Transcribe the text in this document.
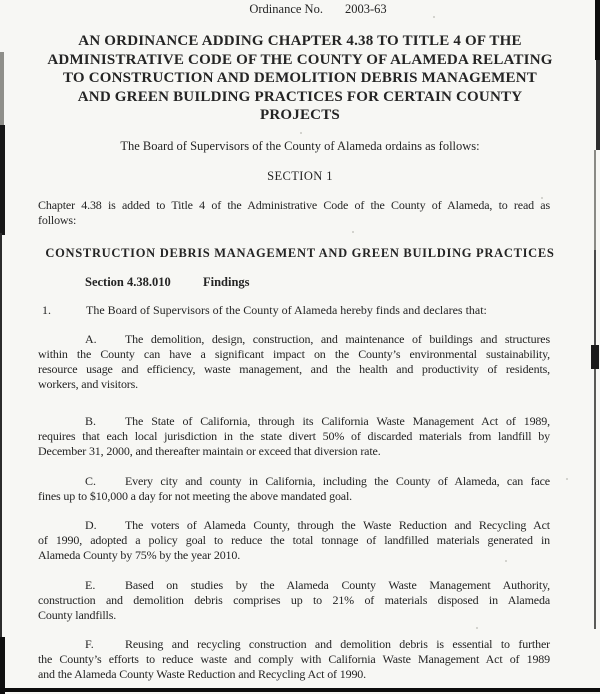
Ordinance No. 2003-63
AN ORDINANCE ADDING CHAPTER 4.38 TO TITLE 4 OF THE
ADMINISTRATIVE CODE OF THE COUNTY OF ALAMEDA RELATING
TO CONSTRUCTION AND DEMOLITION DEBRIS MANAGEMENT
AND GREEN BUILDING PRACTICES FOR CERTAIN COUNTY
PROJECTS
The Board of Supervisors of the County of Alameda ordains as follows:
SECTION 1
Chapter 4.38 is added to Title 4 of the Administrative Code of the County of Alameda, to read as
follows:
CONSTRUCTION DEBRIS MANAGEMENT AND GREEN BUILDING PRACTICES
Section 4.38.010	Findings
1.	The Board of Supervisors of the County of Alameda hereby finds and declares that:
A. The demolition, design, construction, and maintenance of buildings and structures
within the County can have a significant impact on the County’s environmental sustainability,
resource usage and efficiency, waste management, and the health and productivity of residents,
workers, and visitors.
B. The State of California, through its California Waste Management Act of 1989,
requires that each local jurisdiction in the state divert 50% of discarded materials from landfill by
December 31, 2000, and thereafter maintain or exceed that diversion rate.
C. Every city and county in California, including the County of Alameda, can face
fines up to $10,000 a day for not meeting the above mandated goal.
D. The voters of Alameda County, through the Waste Reduction and Recycling Act
of 1990, adopted a policy goal to reduce the total tonnage of landfilled materials generated in
Alameda County by 75% by the year 2010.
E. Based on studies by the Alameda County Waste Management Authority,
construction and demolition debris comprises up to 21% of materials disposed in Alameda
County landfills.
F.	Reusing and recycling construction and demolition debris is essential to further
the County’s efforts to reduce waste and comply with California Waste Management Act of 1989
and the Alameda County Waste Reduction and Recycling Act of 1990.
